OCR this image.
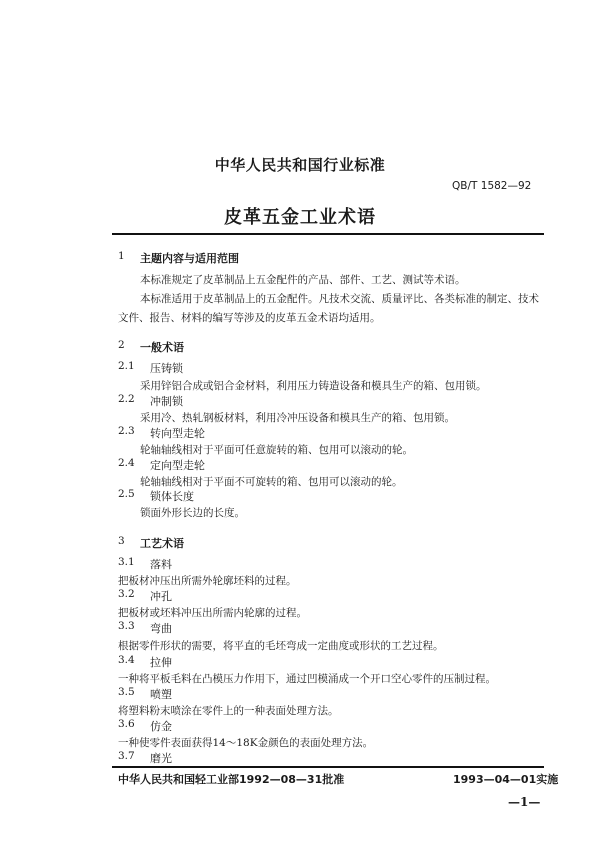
中华人民共和国行业标准
QB/T 1582—92
皮革五金工业术语
1 主题内容与适用范围
本标准规定了皮革制品上五金配件的产品、部件、工艺、测试等术语。
本标准适用于皮革制品上的五金配件。凡技术交流、质量评比、各类标准的制定、技术
文件、报告、材料的编写等涉及的皮革五金术语均适用。
2 一般术语
2.1 压铸锁
采用锌铝合成或铝合金材料，利用压力铸造设备和模具生产的箱、包用锁。
2.2 冲制锁
采用冷、热轧钢板材料，利用冷冲压设备和模具生产的箱、包用锁。
2.3 转向型走轮
轮轴轴线相对于平面可任意旋转的箱、包用可以滚动的轮。
2.4 定向型走轮
轮轴轴线相对于平面不可旋转的箱、包用可以滚动的轮。
2.5 锁体长度
锁面外形长边的长度。
3 工艺术语
3.1 落料
把板材冲压出所需外轮廓坯料的过程。
3.2 冲孔
把板材或坯料冲压出所需内轮廓的过程。
3.3 弯曲
根据零件形状的需要，将平直的毛坯弯成一定曲度或形状的工艺过程。
3.4 拉伸
一种将平板毛料在凸模压力作用下，通过凹模涌成一个开口空心零件的压制过程。
3.5 喷塑
将塑料粉末喷涂在零件上的一种表面处理方法。
3.6 仿金
一种使零件表面获得14～18K金颜色的表面处理方法。
3.7 磨光
中华人民共和国轻工业部1992—08—31批准	1993—04—01实施
—1—
